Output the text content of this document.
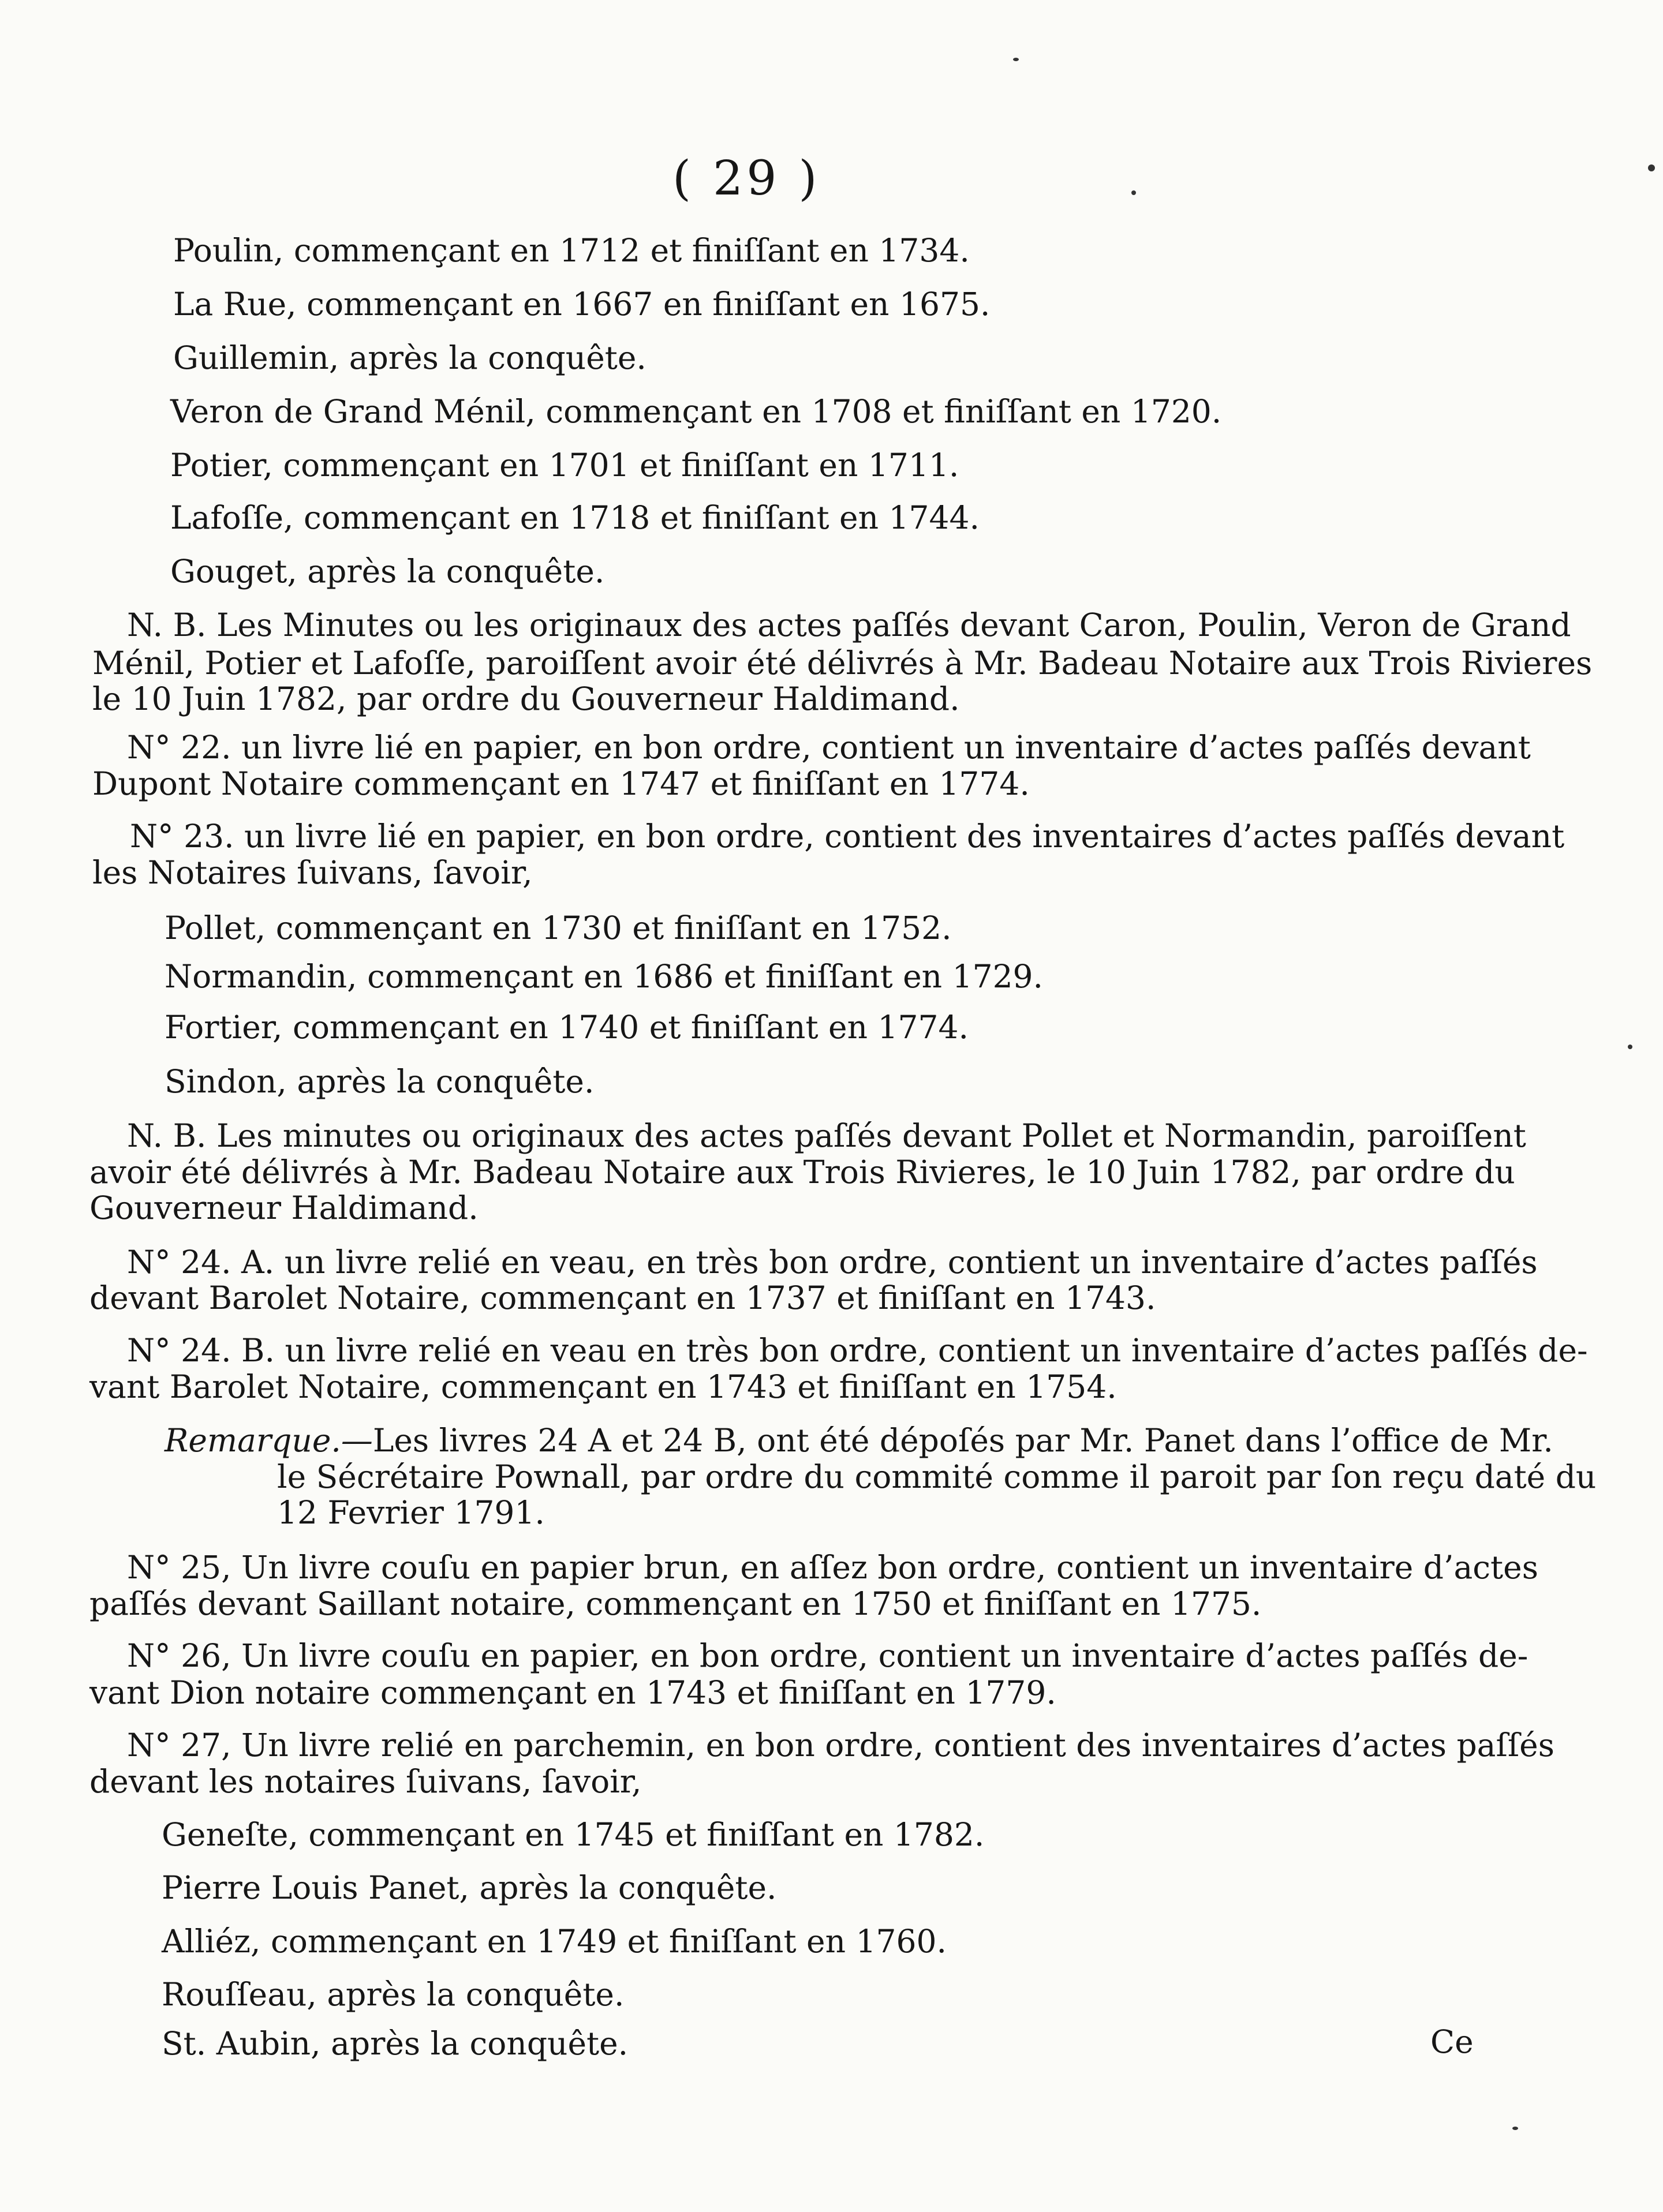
( 29 )
Poulin, commençant en 1712 et finiſſant en 1734.
La Rue, commençant en 1667 en finiſſant en 1675.
Guillemin, après la conquête.
Veron de Grand Ménil, commençant en 1708 et finiſſant en 1720.
Potier, commençant en 1701 et finiſſant en 1711.
Lafoſſe, commençant en 1718 et finiſſant en 1744.
Gouget, après la conquête.
N. B. Les Minutes ou les originaux des actes paſſés devant Caron, Poulin, Veron de Grand
Ménil, Potier et Lafoſſe, paroiſſent avoir été délivrés à Mr. Badeau Notaire aux Trois Rivieres
le 10 Juin 1782, par ordre du Gouverneur Haldimand.
N° 22. un livre lié en papier, en bon ordre, contient un inventaire d’actes paſſés devant
Dupont Notaire commençant en 1747 et finiſſant en 1774.
N° 23. un livre lié en papier, en bon ordre, contient des inventaires d’actes paſſés devant
les Notaires ſuivans, ſavoir,
Pollet, commençant en 1730 et finiſſant en 1752.
Normandin, commençant en 1686 et finiſſant en 1729.
Fortier, commençant en 1740 et finiſſant en 1774.
Sindon, après la conquête.
N. B. Les minutes ou originaux des actes paſſés devant Pollet et Normandin, paroiſſent
avoir été délivrés à Mr. Badeau Notaire aux Trois Rivieres, le 10 Juin 1782, par ordre du
Gouverneur Haldimand.
N° 24. A. un livre relié en veau, en très bon ordre, contient un inventaire d’actes paſſés
devant Barolet Notaire, commençant en 1737 et finiſſant en 1743.
N° 24. B. un livre relié en veau en très bon ordre, contient un inventaire d’actes paſſés de-
vant Barolet Notaire, commençant en 1743 et finiſſant en 1754.
Remarque.—Les livres 24 A et 24 B, ont été dépoſés par Mr. Panet dans l’office de Mr.
le Sécrétaire Pownall, par ordre du commité comme il paroit par ſon reçu daté du
12 Fevrier 1791.
N° 25, Un livre couſu en papier brun, en aſſez bon ordre, contient un inventaire d’actes
paſſés devant Saillant notaire, commençant en 1750 et finiſſant en 1775.
N° 26, Un livre couſu en papier, en bon ordre, contient un inventaire d’actes paſſés de-
vant Dion notaire commençant en 1743 et finiſſant en 1779.
N° 27, Un livre relié en parchemin, en bon ordre, contient des inventaires d’actes paſſés
devant les notaires ſuivans, ſavoir,
Geneſte, commençant en 1745 et finiſſant en 1782.
Pierre Louis Panet, après la conquête.
Alliéz, commençant en 1749 et finiſſant en 1760.
Rouſſeau, après la conquête.
St. Aubin, après la conquête.	Ce
